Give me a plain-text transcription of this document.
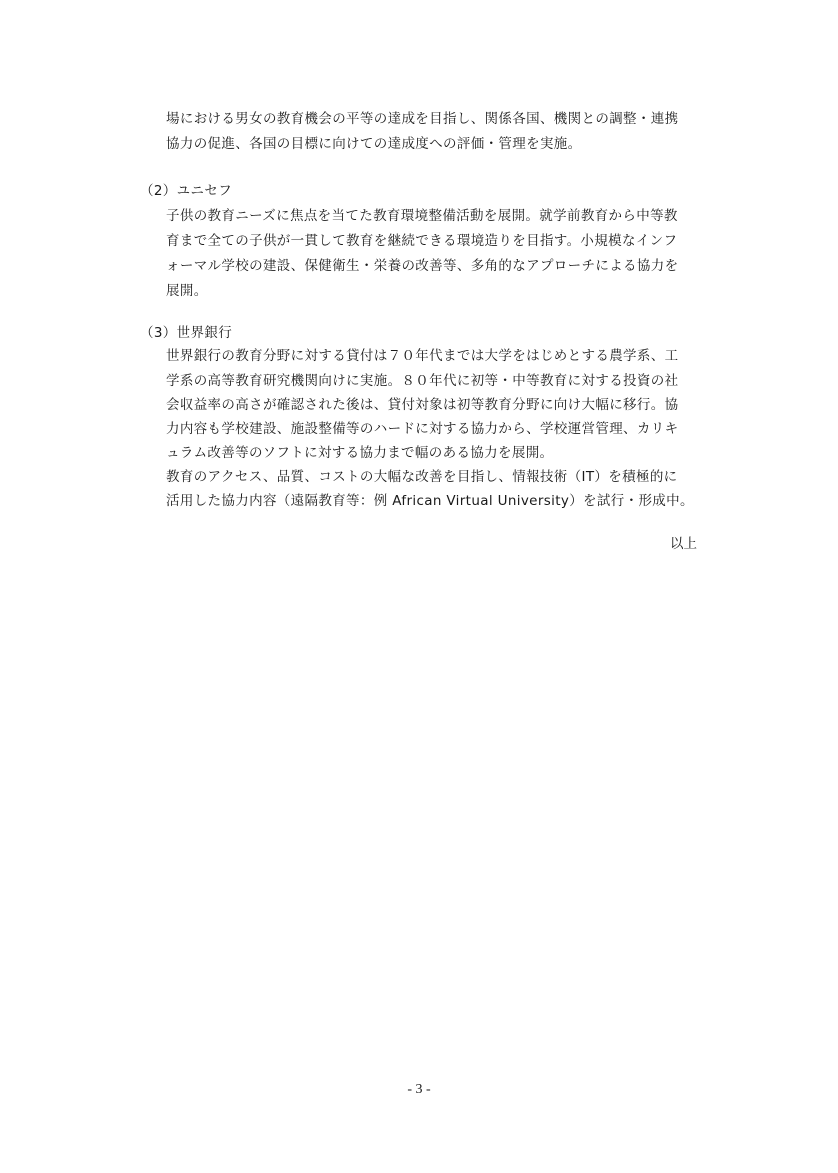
場における男女の教育機会の平等の達成を目指し、関係各国、機関との調整・連携
協力の促進、各国の目標に向けての達成度への評価・管理を実施。
（2）ユニセフ
子供の教育ニーズに焦点を当てた教育環境整備活動を展開。就学前教育から中等教
育まで全ての子供が一貫して教育を継続できる環境造りを目指す。小規模なインフ
ォーマル学校の建設、保健衛生・栄養の改善等、多角的なアプローチによる協力を
展開。
（3）世界銀行
世界銀行の教育分野に対する貸付は７０年代までは大学をはじめとする農学系、工
学系の高等教育研究機関向けに実施。８０年代に初等・中等教育に対する投資の社
会収益率の高さが確認された後は、貸付対象は初等教育分野に向け大幅に移行。協
力内容も学校建設、施設整備等のハードに対する協力から、学校運営管理、カリキ
ュラム改善等のソフトに対する協力まで幅のある協力を展開。
教育のアクセス、品質、コストの大幅な改善を目指し、情報技術（IT）を積極的に
活用した協力内容（遠隔教育等：例 African Virtual University）を試行・形成中。
以上
- 3 -
